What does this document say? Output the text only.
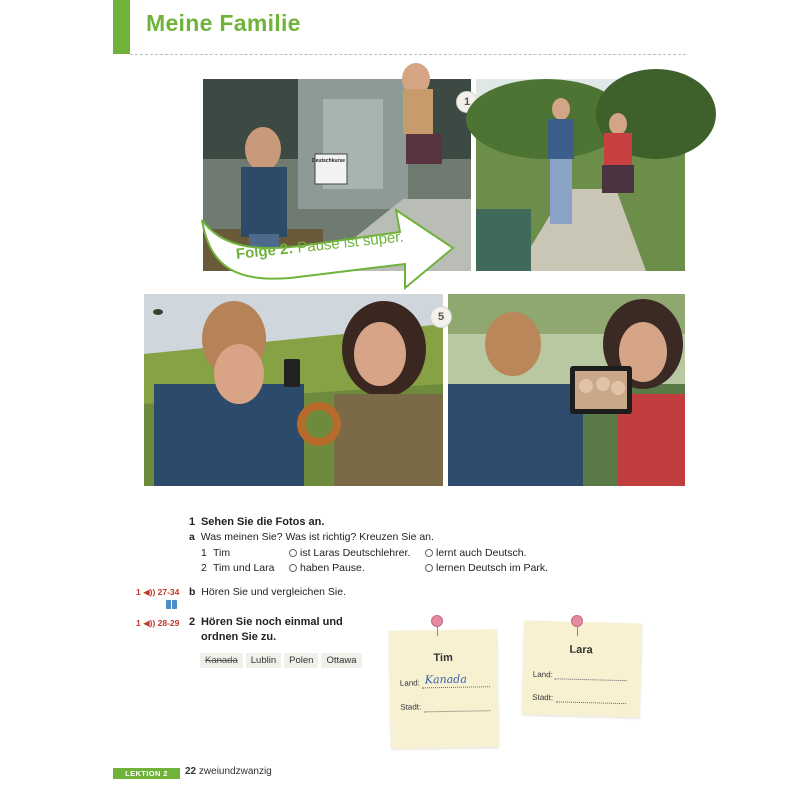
Meine Familie
Deutschkurse
1
Folge 2: Pause ist super.
5
1 Sehen Sie die Fotos an.
a Was meinen Sie? Was ist richtig? Kreuzen Sie an.
1 Tim	ist Laras Deutschlehrer.	lernt auch Deutsch.
2 Tim und Lara	haben Pause.	lernen Deutsch im Park.
1 ◀)) 27-34 b Hören Sie und vergleichen Sie.
1 ◀)) 28-29 2 Hören Sie noch einmal und
ordnen Sie zu.
Kanada	Lublin	Polen	Ottawa	Tim
Land: Kanada
Stadt:
Lara
Land:
Stadt:
LEKTION 2	22 zweiundzwanzig
